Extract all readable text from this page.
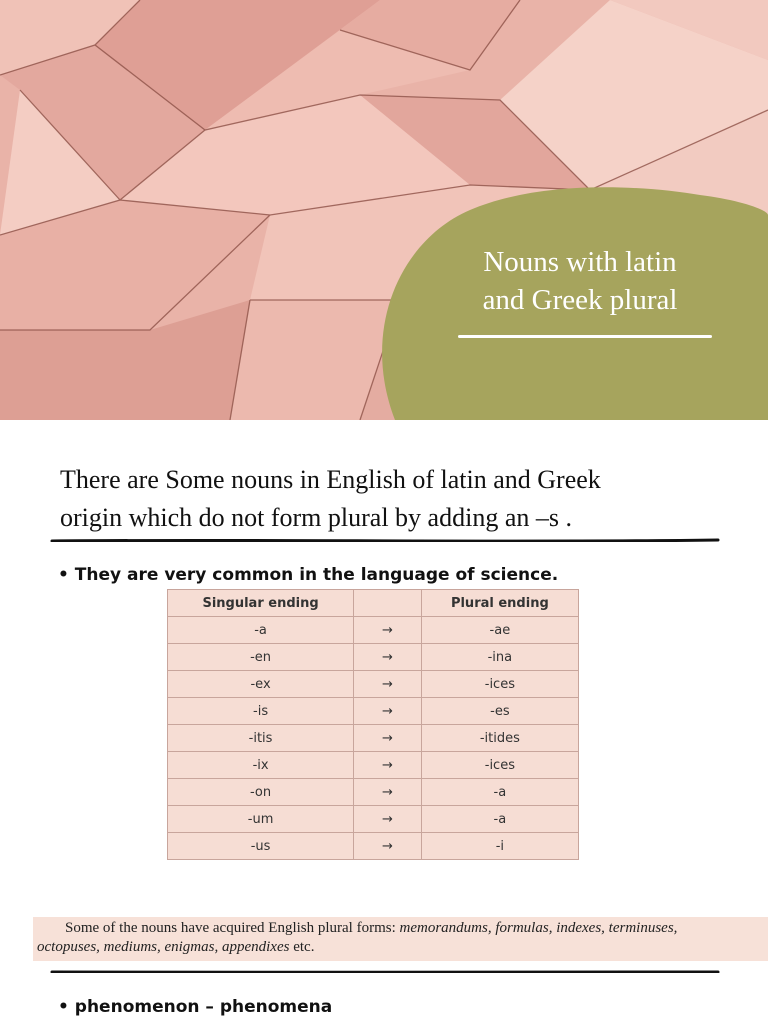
Nouns with latin
and Greek plural
There are Some nouns in English of latin and Greek
origin which do not form plural by adding an –s .
• They are very common in the language of science.
Singular ending		Plural ending
-a	→	-ae
-en	→	-ina
-ex	→	-ices
-is	→	-es
-itis	→	-itides
-ix	→	-ices
-on	→	-a
-um	→	-a
-us	→	-i
Some of the nouns have acquired English plural forms: memorandums, formulas, indexes, terminuses,
octopuses, mediums, enigmas, appendixes etc.
• phenomenon – phenomena
